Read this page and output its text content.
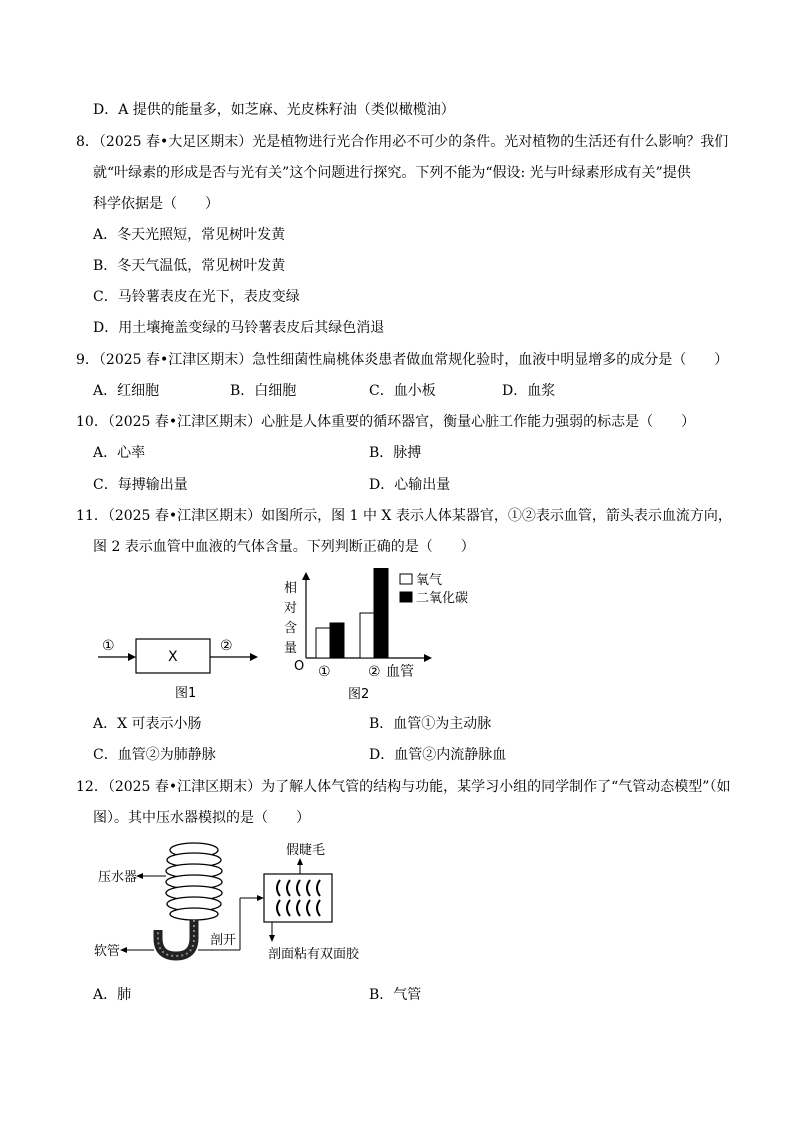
D．A 提供的能量多，如芝麻、光皮株籽油（类似橄榄油）
8．（2025 春•大足区期末）光是植物进行光合作用必不可少的条件。光对植物的生活还有什么影响？我们
就“叶绿素的形成是否与光有关”这个问题进行探究。下列不能为“假设: 光与叶绿素形成有关”提供
科学依据是（　　）
A．冬天光照短，常见树叶发黄
B．冬天气温低，常见树叶发黄
C．马铃薯表皮在光下，表皮变绿
D．用土壤掩盖变绿的马铃薯表皮后其绿色消退
9．（2025 春•江津区期末）急性细菌性扁桃体炎患者做血常规化验时，血液中明显增多的成分是（　　）
A．红细胞	B．白细胞	C．血小板	D．血浆
10．（2025 春•江津区期末）心脏是人体重要的循环器官，衡量心脏工作能力强弱的标志是（　　）
A．心率	B．脉搏
C．每搏输出量	D．心输出量
11．（2025 春•江津区期末）如图所示，图 1 中 X 表示人体某器官，①②表示血管，箭头表示血流方向，
图 2 表示血管中血液的气体含量。下列判断正确的是（　　）
①
X
②
图1
相
对
含
量
O ①	② 血管
氧气
二氧化碳
图2
A．X 可表示小肠	B．血管①为主动脉
C．血管②为肺静脉	D．血管②内流静脉血
12．（2025 春•江津区期末）为了解人体气管的结构与功能，某学习小组的同学制作了“气管动态模型”（如
图）。其中压水器模拟的是（　　）
压水器
软管
剖开
假睫毛
剖面粘有双面胶
A．肺	B．气管
